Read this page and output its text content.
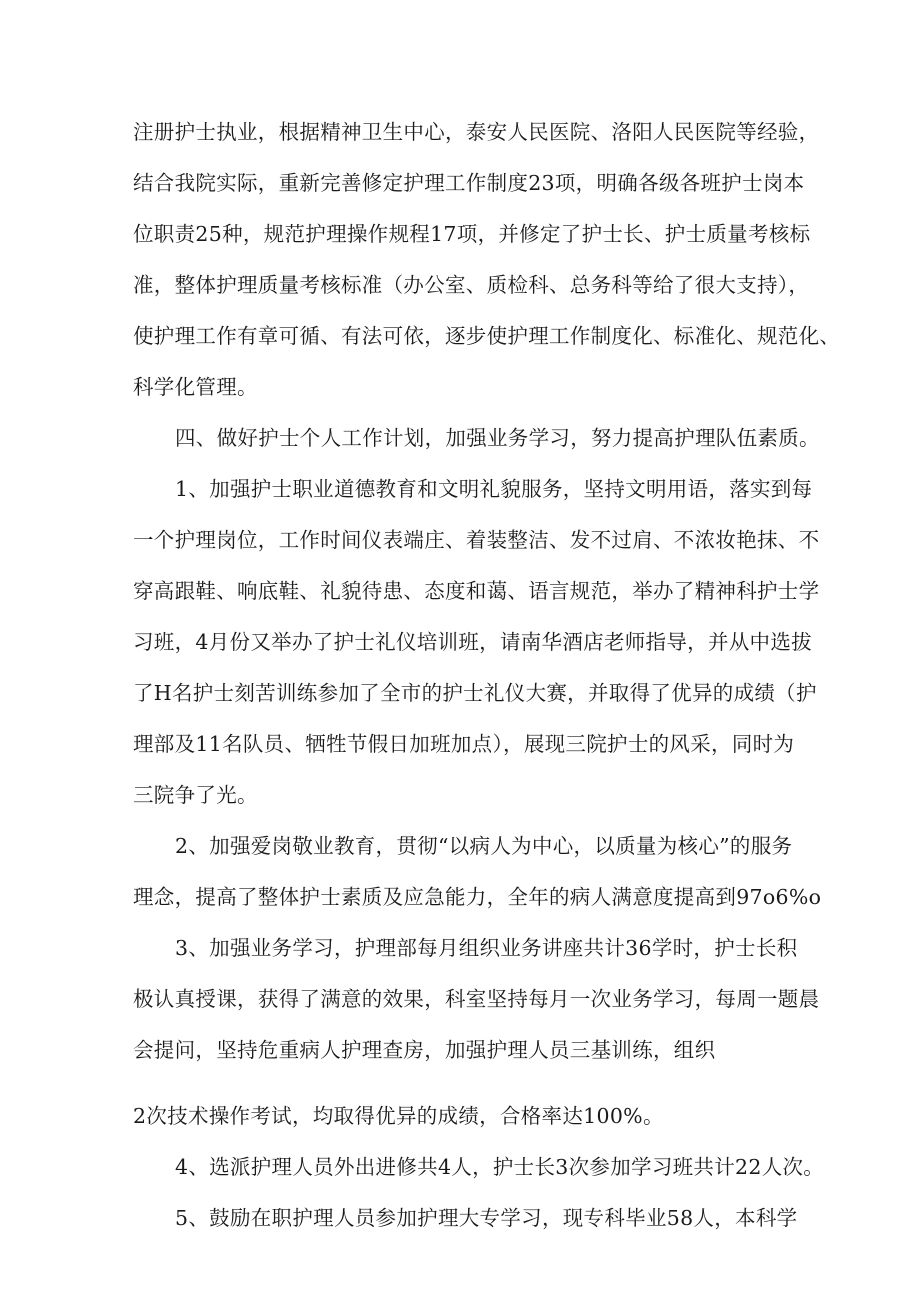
注册护士执业，根据精神卫生中心，泰安人民医院、洛阳人民医院等经验，
结合我院实际，重新完善修定护理工作制度23项，明确各级各班护士岗本
位职责25种，规范护理操作规程17项，并修定了护士长、护士质量考核标
准，整体护理质量考核标准（办公室、质检科、总务科等给了很大支持），
使护理工作有章可循、有法可依，逐步使护理工作制度化、标准化、规范化、
科学化管理。
四、做好护士个人工作计划，加强业务学习，努力提高护理队伍素质。
1、加强护士职业道德教育和文明礼貌服务，坚持文明用语，落实到每
一个护理岗位，工作时间仪表端庄、着装整洁、发不过肩、不浓妆艳抹、不
穿高跟鞋、响底鞋、礼貌待患、态度和蔼、语言规范，举办了精神科护士学
习班，4月份又举办了护士礼仪培训班，请南华酒店老师指导，并从中选拔
了H名护士刻苦训练参加了全市的护士礼仪大赛，并取得了优异的成绩（护
理部及11名队员、牺牲节假日加班加点），展现三院护士的风采，同时为
三院争了光。
2、加强爱岗敬业教育，贯彻“以病人为中心，以质量为核心”的服务
理念，提高了整体护士素质及应急能力，全年的病人满意度提高到97o6%o
3、加强业务学习，护理部每月组织业务讲座共计36学时，护士长积
极认真授课，获得了满意的效果，科室坚持每月一次业务学习，每周一题晨
会提问，坚持危重病人护理查房，加强护理人员三基训练，组织
2次技术操作考试，均取得优异的成绩，合格率达100%。
4、选派护理人员外出进修共4人，护士长3次参加学习班共计22人次。
5、鼓励在职护理人员参加护理大专学习，现专科毕业58人，本科学
